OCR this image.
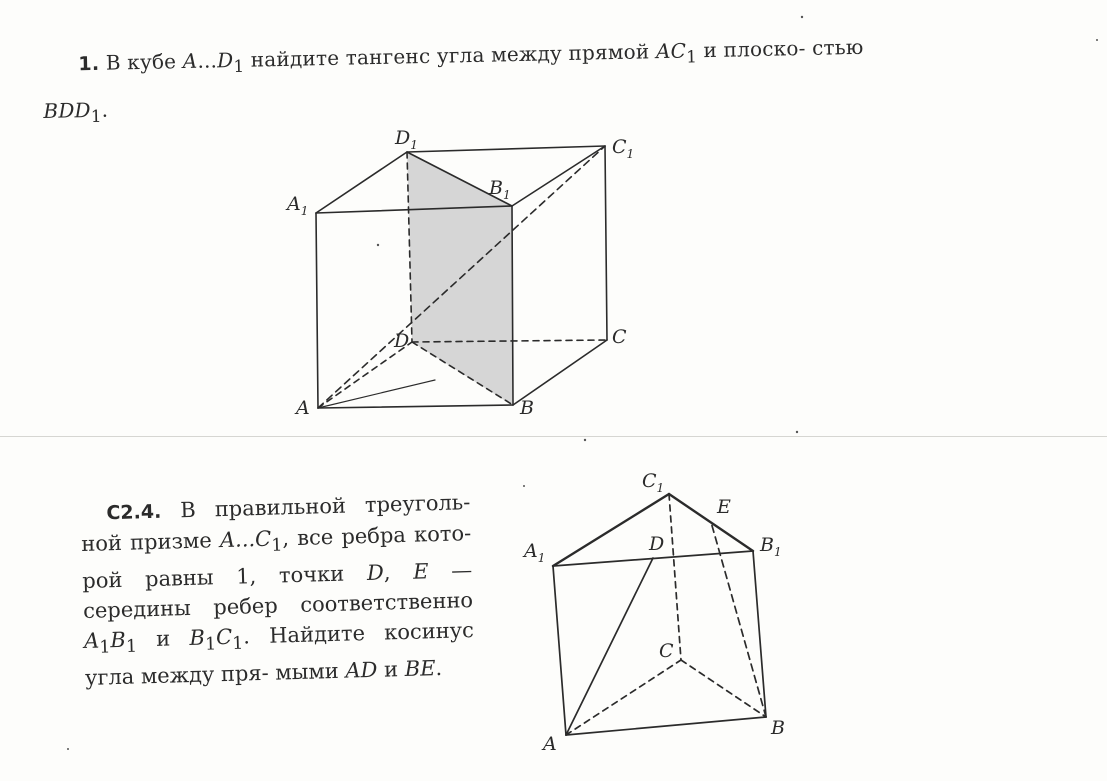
1. В кубе $A...D_1$ найдите тангенс угла между прямой $AC_1$ и плоско- стью $BDD_1$.
С2.4. В правильной треуголь- ной призме $A...C_1$, все ребра кото- рой равны 1, точки D, E — середины ребер соответственно $A_1B_1$ и $B_1C_1$. Найдите косинус угла между пря- мыми AD и BE.
$D_1$	$C_1$
$A_1$
$B_1$
D	C
A	B
$C_1$
E
$A_1$
D	$B_1$
C
A
B
